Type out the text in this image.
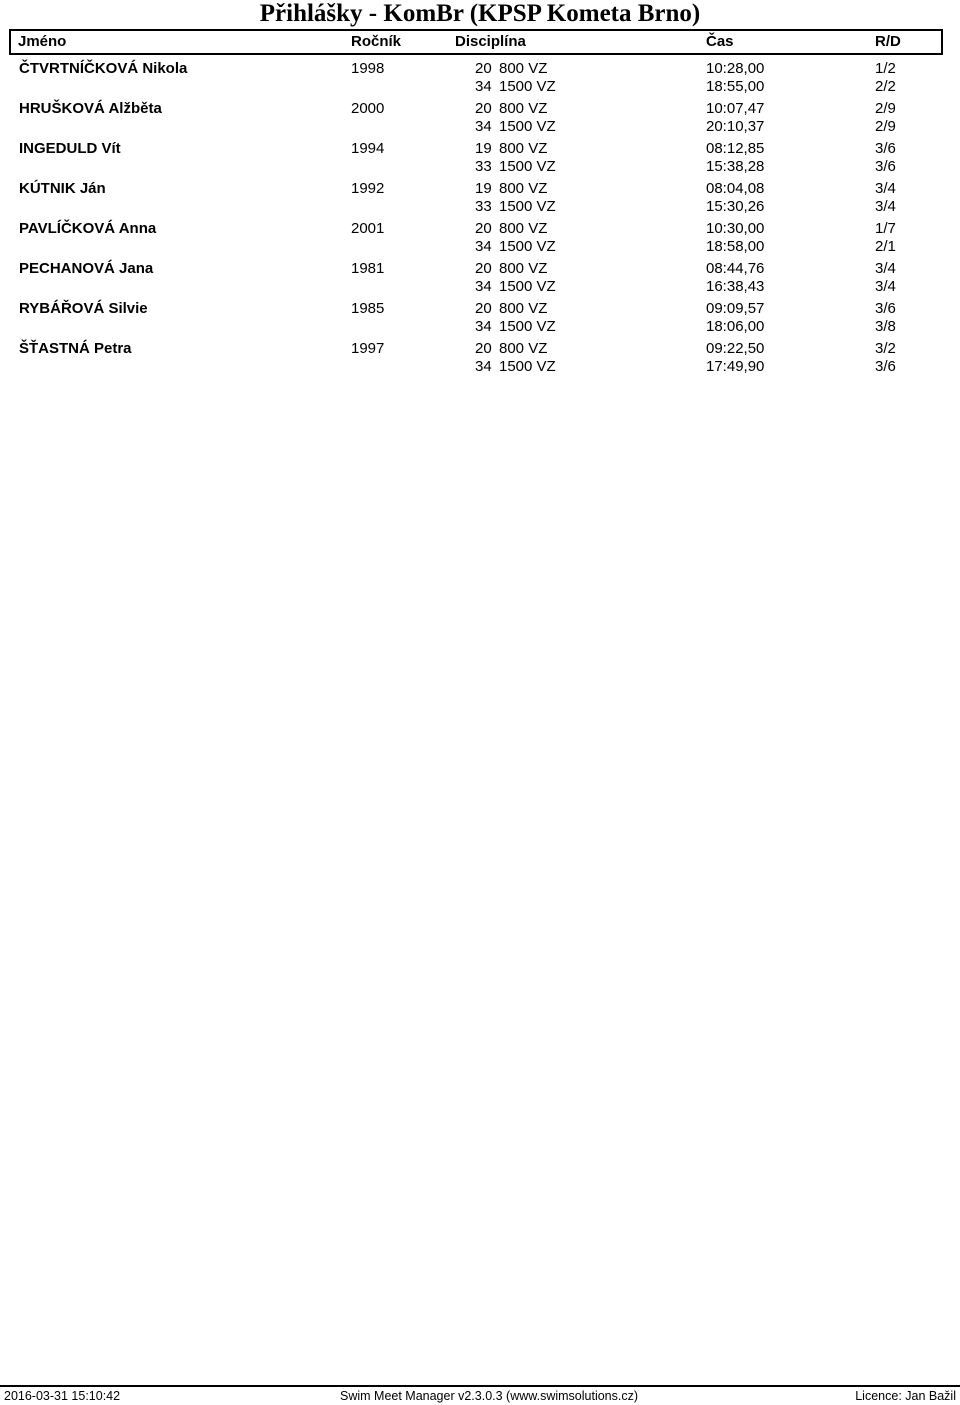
Přihlášky - KomBr (KPSP Kometa Brno)
Jméno	Ročník	Disciplína	Čas	R/D
ČTVRTNÍČKOVÁ Nikola	1998	20 800 VZ	10:28,00	1/2
34 1500 VZ	18:55,00	2/2
HRUŠKOVÁ Alžběta	2000	20 800 VZ	10:07,47	2/9
34 1500 VZ	20:10,37	2/9
INGEDULD Vít	1994	19 800 VZ	08:12,85	3/6
33 1500 VZ	15:38,28	3/6
KÚTNIK Ján	1992	19 800 VZ	08:04,08	3/4
33 1500 VZ	15:30,26	3/4
PAVLÍČKOVÁ Anna	2001	20 800 VZ	10:30,00	1/7
34 1500 VZ	18:58,00	2/1
PECHANOVÁ Jana	1981	20 800 VZ	08:44,76	3/4
34 1500 VZ	16:38,43	3/4
RYBÁŘOVÁ Silvie	1985	20 800 VZ	09:09,57	3/6
34 1500 VZ	18:06,00	3/8
ŠŤASTNÁ Petra	1997	20 800 VZ	09:22,50	3/2
34 1500 VZ	17:49,90	3/6
2016-03-31 15:10:42	Swim Meet Manager v2.3.0.3 (www.swimsolutions.cz)	Licence: Jan Bažil
